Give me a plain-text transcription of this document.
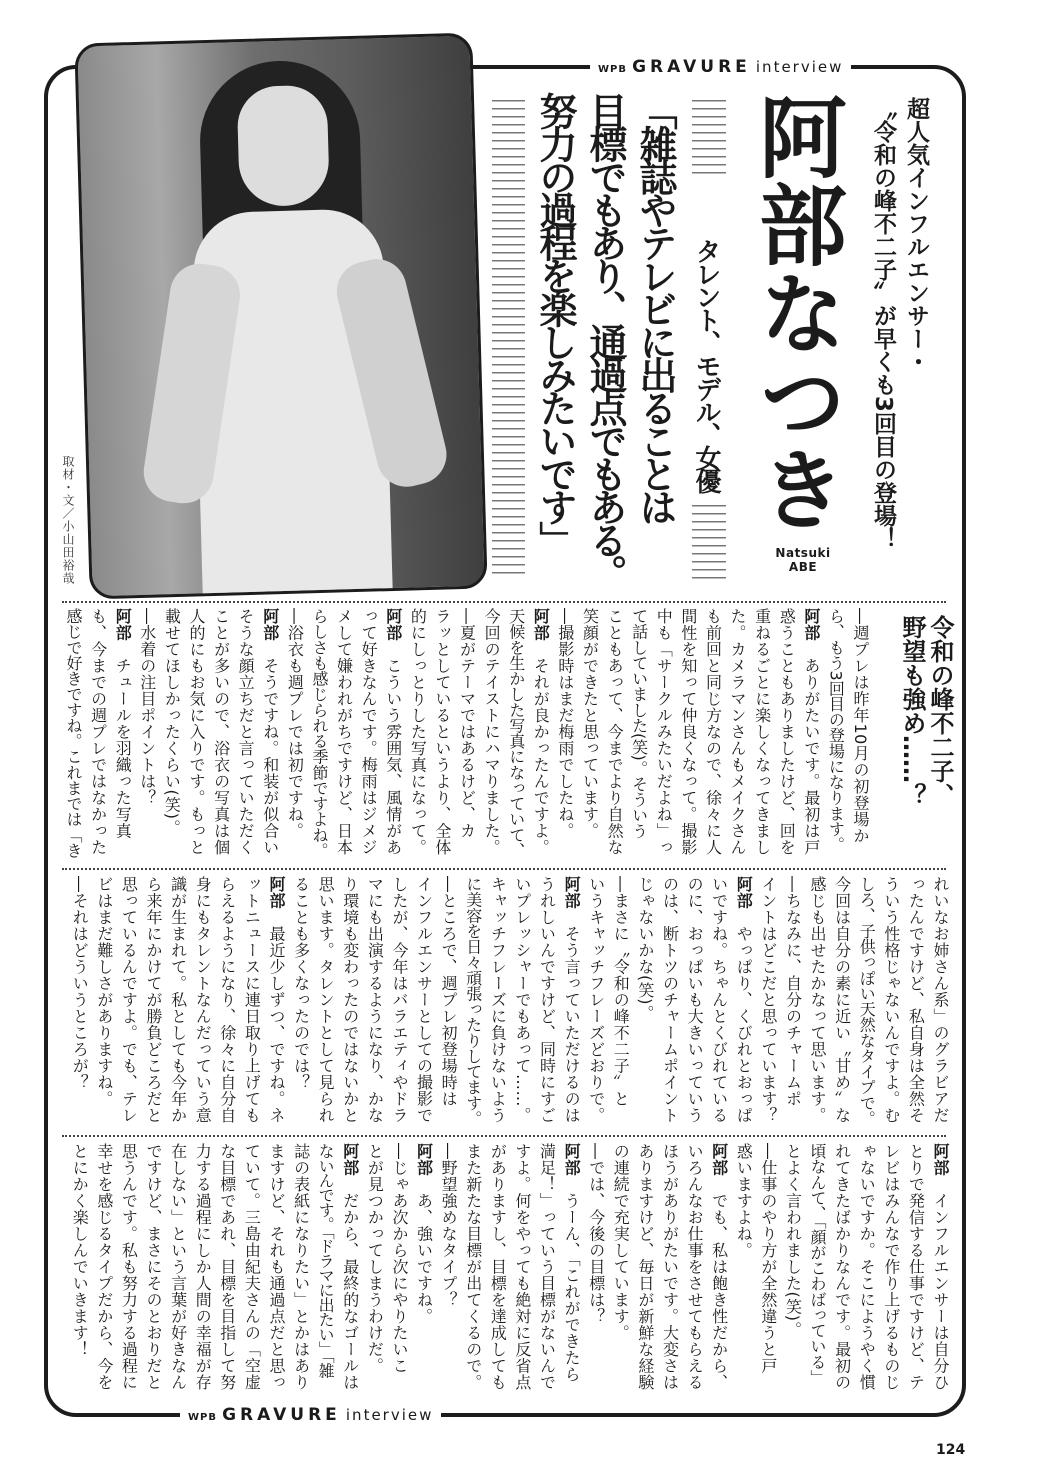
WPB GRAVURE interview
取材・文／小山田裕哉
超人気インフルエンサー・
〝令和の峰不二子〟が早くも3回目の登場！
阿部なつき
Natsuki
ABE
タレント、モデル、女優
「雑誌やテレビに出ることは
目標でもあり、通過点でもある。
努力の過程を楽しみたいです」
令和の峰不二子、
野望も強め……？
―週プレは昨年10月の初登場か
ら、もう3回目の登場になります。
阿部　ありがたいです。最初は戸
惑うこともありましたけど、回を
重ねるごとに楽しくなってきまし
た。カメラマンさんもメイクさん
も前回と同じ方なので、徐々に人
間性を知って仲良くなって。撮影
中も「サークルみたいだよね」っ
て話していました(笑)。そういう
こともあって、今までより自然な
笑顔ができたと思っています。
―撮影時はまだ梅雨でしたね。
阿部　それが良かったんですよ。
天候を生かした写真になっていて、
今回のテイストにハマりました。
―夏がテーマではあるけど、カ
ラッとしているというより、全体
的にしっとりした写真になって。
阿部　こういう雰囲気、風情があ
って好きなんです。梅雨はジメジ
メして嫌われがちですけど、日本
らしさも感じられる季節ですよね。
―浴衣も週プレでは初ですね。
阿部　そうですね。和装が似合い
そうな顔立ちだと言っていただく
ことが多いので、浴衣の写真は個
人的にもお気に入りです。もっと
載せてほしかったくらい(笑)。
―水着の注目ポイントは？
阿部　チュールを羽織った写真
も、今までの週プレではなかった
感じで好きですね。これまでは「き
れいなお姉さん系」のグラビアだ
ったんですけど、私自身は全然そ
ういう性格じゃないんですよ。む
しろ、子供っぽい天然なタイプで。
今回は自分の素に近い〝甘め〟な
感じも出せたかなって思います。
―ちなみに、自分のチャームポ
イントはどこだと思っています？
阿部　やっぱり、くびれとおっぱ
いですね。ちゃんとくびれている
のに、おっぱいも大きいっていう
のは、断トツのチャームポイント
じゃないかな(笑)。
―まさに〝令和の峰不二子〟と
いうキャッチフレーズどおりで。
阿部　そう言っていただけるのは
うれしいんですけど、同時にすご
いプレッシャーでもあって……。
キャッチフレーズに負けないよう
に美容を日々頑張ったりしてます。
―ところで、週プレ初登場時は
インフルエンサーとしての撮影で
したが、今年はバラエティやドラ
マにも出演するようになり、かな
り環境も変わったのではないかと
思います。タレントとして見られ
ることも多くなったのでは？
阿部　最近少しずつ、ですね。ネ
ットニュースに連日取り上げても
らえるようになり、徐々に自分自
身にもタレントなんだっていう意
識が生まれて。私としても今年か
ら来年にかけてが勝負どころだと
思っているんですよ。でも、テレ
ビはまだ難しさがありますね。
―それはどういうところが？
阿部　インフルエンサーは自分ひ
とりで発信する仕事ですけど、テ
レビはみんなで作り上げるものじ
ゃないですか。そこにようやく慣
れてきたばかりなんです。最初の
頃なんて、「顔がこわばっている」
とよく言われました(笑)。
―仕事のやり方が全然違うと戸
惑いますよね。
阿部　でも、私は飽き性だから、
いろんなお仕事をさせてもらえる
ほうがありがたいです。大変さは
ありますけど、毎日が新鮮な経験
の連続で充実しています。
―では、今後の目標は？
阿部　うーん、「これができたら
満足！」っていう目標がないんで
すよ。何をやっても絶対に反省点
がありますし、目標を達成しても
また新たな目標が出てくるので。
―野望強めなタイプ？
阿部　あ、強いですね。
―じゃあ次から次にやりたいこ
とが見つかってしまうわけだ。
阿部　だから、最終的なゴールは
ないんです。「ドラマに出たい」「雑
誌の表紙になりたい」とかはあり
ますけど、それも通過点だと思っ
ていて。三島由紀夫さんの「空虚
な目標であれ、目標を目指して努
力する過程にしか人間の幸福が存
在しない」という言葉が好きなん
ですけど、まさにそのとおりだと
思うんです。私も努力する過程に
幸せを感じるタイプだから、今を
とにかく楽しんでいきます！
WPB GRAVURE interview
124
